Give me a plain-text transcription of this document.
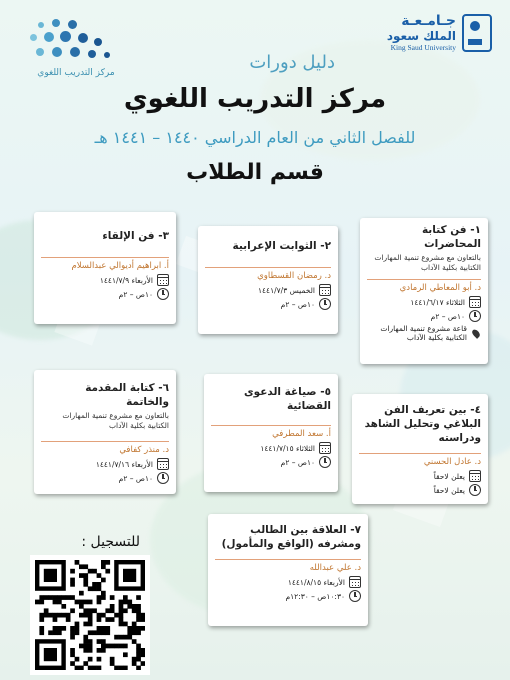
جـامـعـة
الملك سعود
King Saud University
مركز التدريب اللغوي	دليل دورات
مركز التدريب اللغوي
للفصل الثاني من العام الدراسي ١٤٤٠ – ١٤٤١ هـ
قسم الطلاب
١- فن كتابة المحاضرات
بالتعاون مع مشروع تنمية المهارات الكتابية بكلية الآداب
د. أبو المعاطي الرمادي
الثلاثاء ١٤٤١/٦/١٧
١٠ص – ٢م
قاعة مشروع تنمية المهارات الكتابية بكلية الآداب
٢- الثوابت الإعرابية
د. رمضان القسطاوي
الخميس ١٤٤١/٧/٣
١٠ص – ٢م
٣- فن الإلقاء
أ. ابراهيم أديوالي عبدالسلام
الأربعاء ١٤٤١/٧/٩
١٠ص – ٢م
٦- كتابة المقدمة والخاتمة
بالتعاون مع مشروع تنمية المهارات الكتابية بكلية الآداب
د. منذر كفافي
الأربعاء ١٤٤١/٧/١٦
١٠ص – ٢م
٥- صياغة الدعوى القضائية
أ. سعد المطرفي
الثلاثاء ١٤٤١/٧/١٥
١٠ص – ٢م
٤- بين تعريف الفن البلاغي وتحليل الشاهد ودراسته
د. عادل الحسني
يعلن لاحقاً
يعلن لاحقاً
٧- العلاقة بين الطالب ومشرفه (الواقع والمأمول)
د. علي عبدالله
الأربعاء ١٤٤١/٨/١٥
١٠:٣٠ص – ١٢:٣٠م
للتسجيل :
